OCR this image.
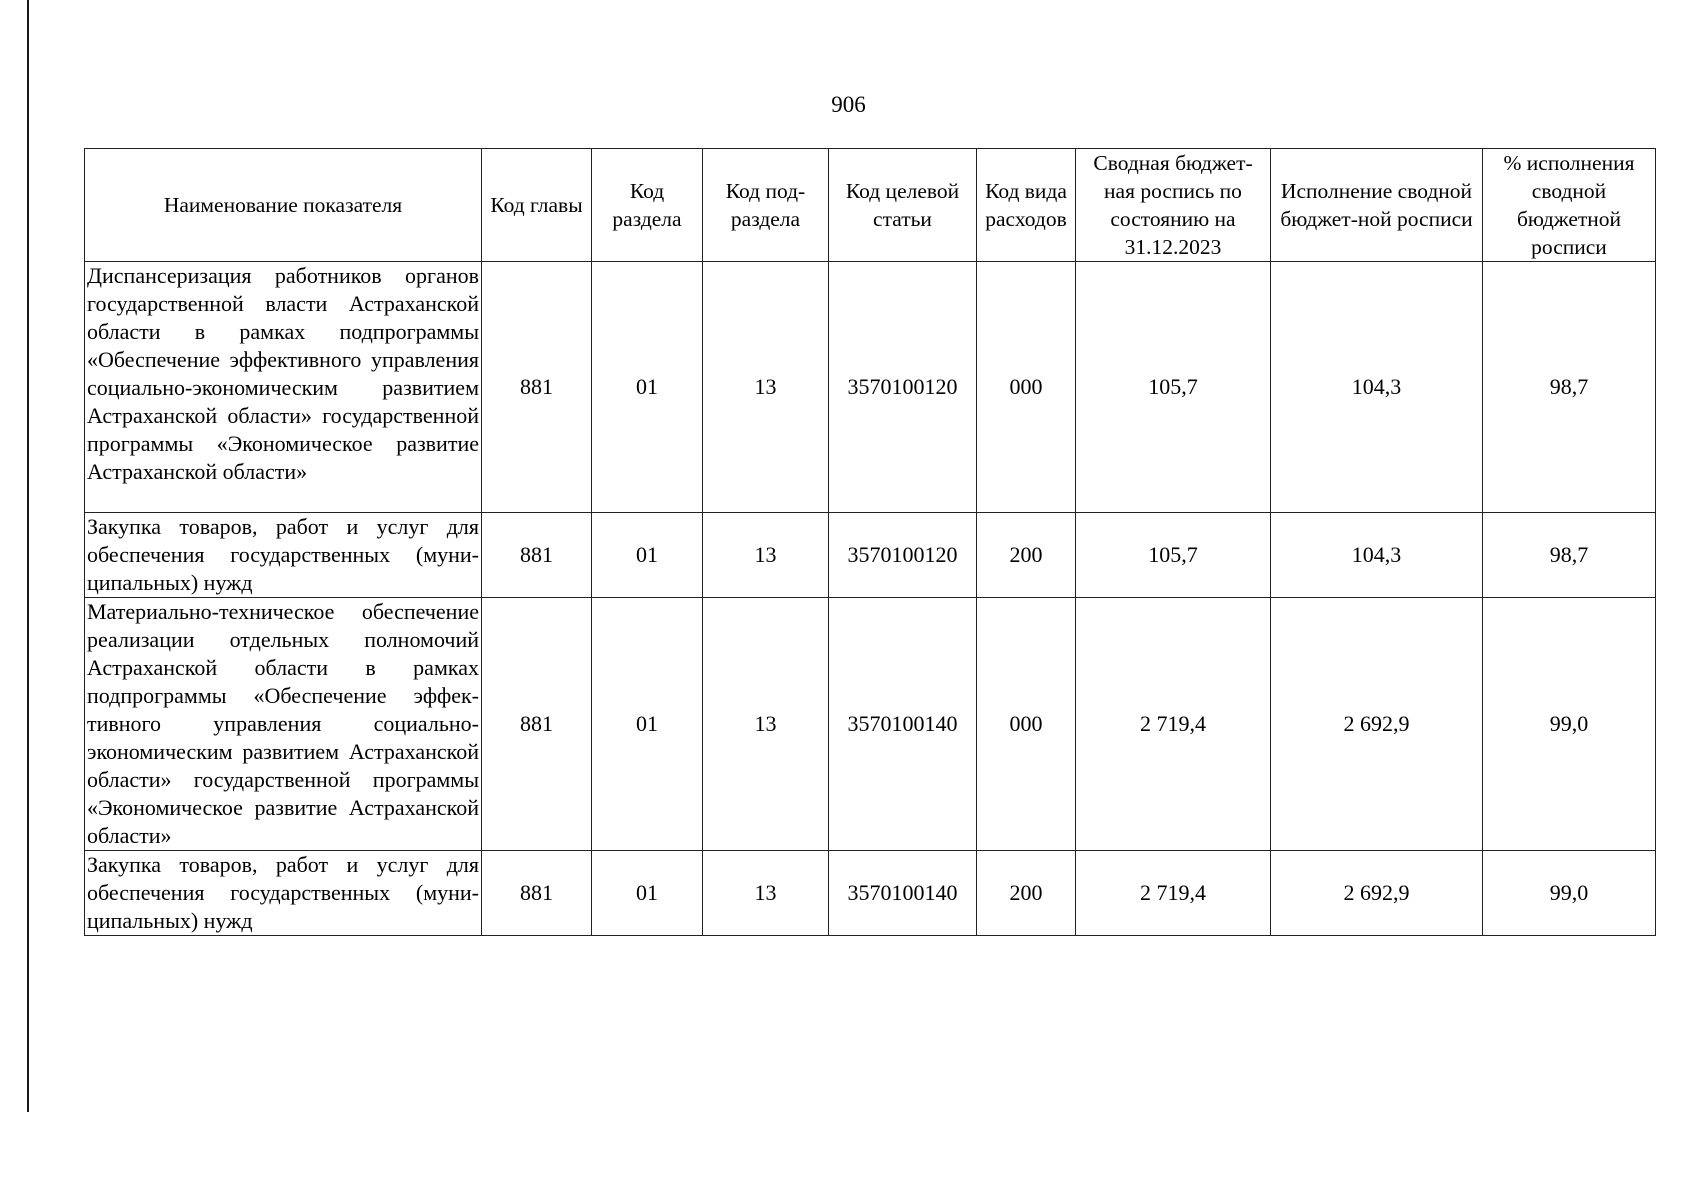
906
Наименование показателя	Код главы	Код раздела	Код под-раздела	Код целевой статьи	Код вида расходов	Сводная бюджет-ная роспись по состоянию на 31.12.2023	Исполнение сводной бюджет-ной росписи	% исполнения сводной бюджетной росписи
Диспансеризация работников органов государственной власти Астраханской области в рамках подпрограммы «Обеспечение эффективного управления социально-экономическим развитием Астраханской области» государственной программы «Экономическое развитие Астраханской области»	881	01	13	3570100120	000	105,7	104,3	98,7
Закупка товаров, работ и услуг для обеспечения государственных (муниципальных) нужд	881	01	13	3570100120	200	105,7	104,3	98,7
Материально-техническое обеспечение реализации отдельных полномочий Астраханской области в рамках подпрограммы «Обеспечение эффективного управления социально-экономическим развитием Астраханской области» государственной программы «Экономическое развитие Астраханской области»	881	01	13	3570100140	000	2 719,4	2 692,9	99,0
Закупка товаров, работ и услуг для обеспечения государственных (муниципальных) нужд	881	01	13	3570100140	200	2 719,4	2 692,9	99,0
